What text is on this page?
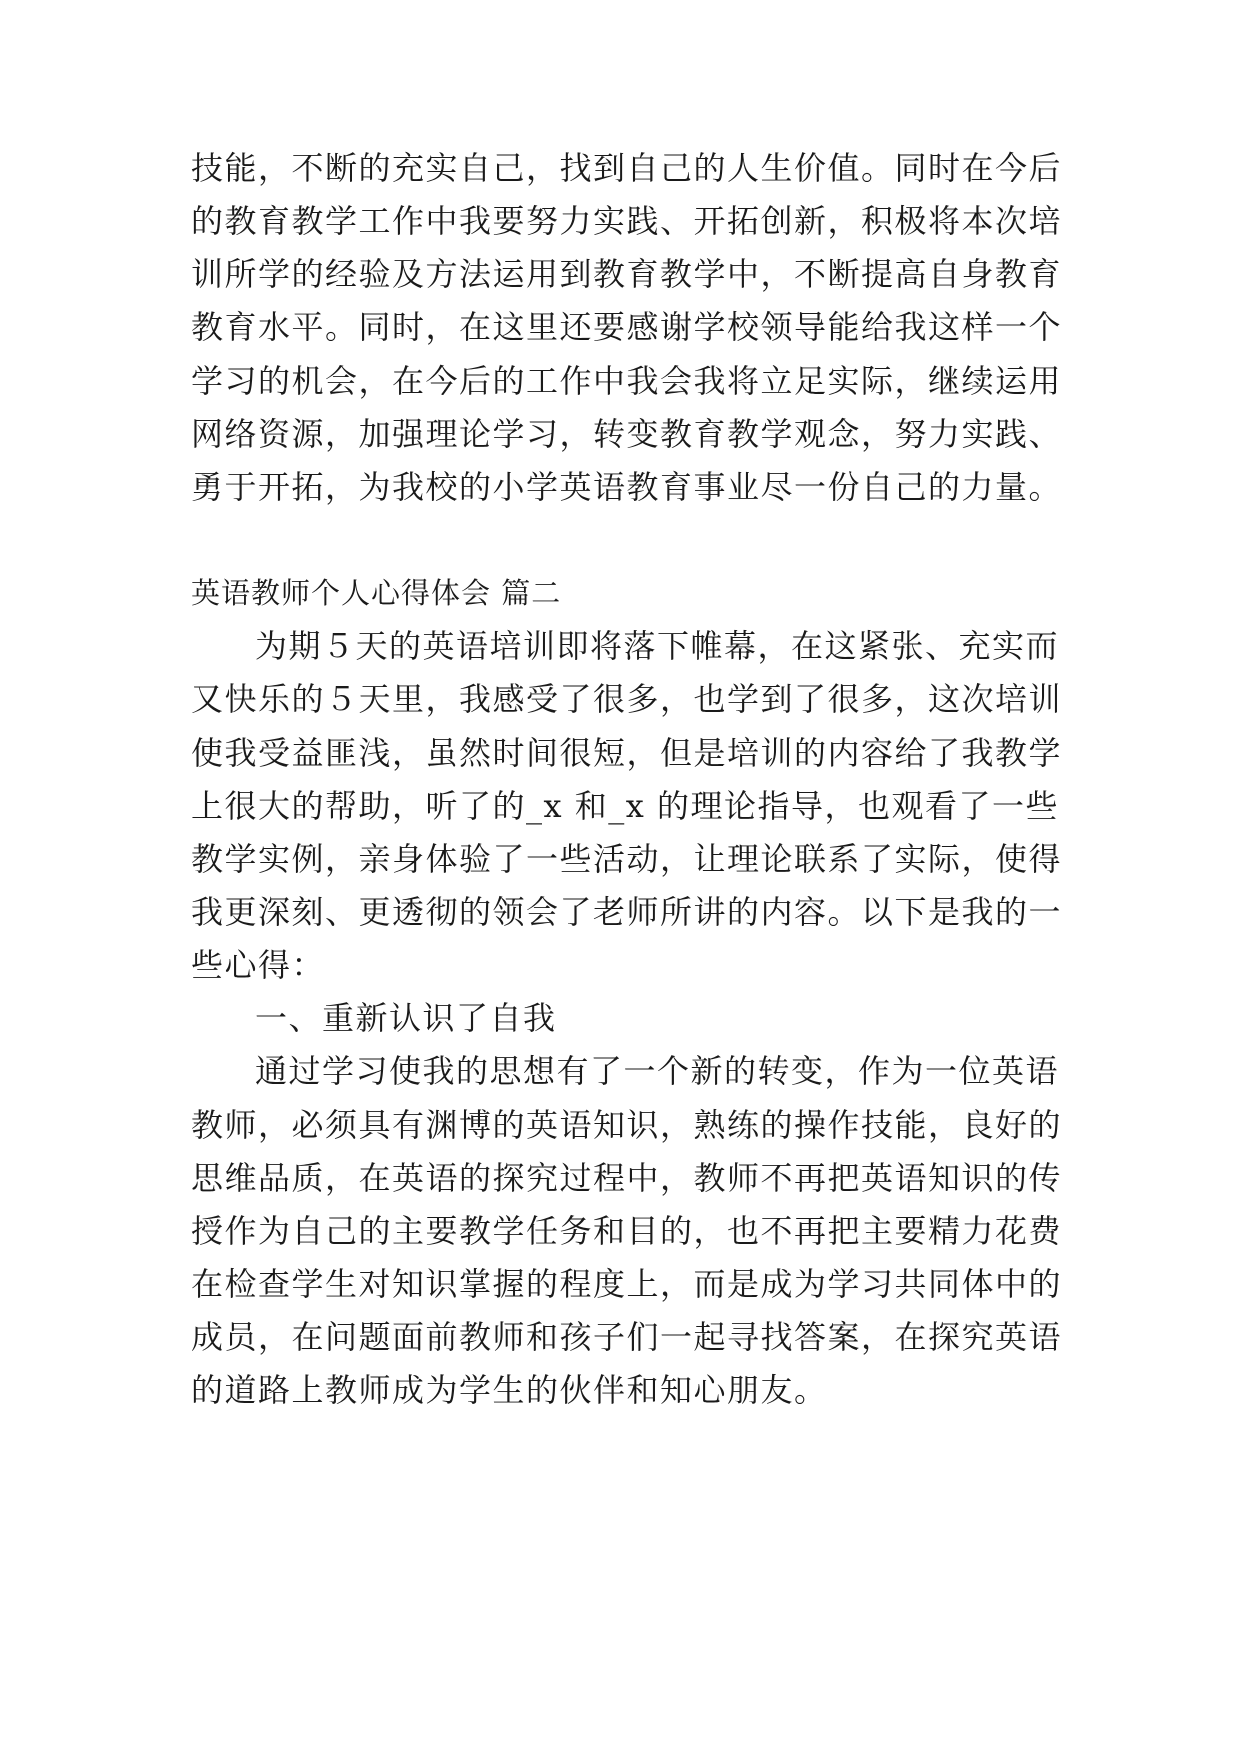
技能，不断的充实自己，找到自己的人生价值。同时在今后
的教育教学工作中我要努力实践、开拓创新，积极将本次培
训所学的经验及方法运用到教育教学中，不断提高自身教育
教育水平。同时，在这里还要感谢学校领导能给我这样一个
学习的机会，在今后的工作中我会我将立足实际，继续运用
网络资源，加强理论学习，转变教育教学观念，努力实践、
勇于开拓，为我校的小学英语教育事业尽一份自己的力量。
英语教师个人心得体会 篇二
为期５天的英语培训即将落下帷幕，在这紧张、充实而
又快乐的５天里，我感受了很多，也学到了很多，这次培训
使我受益匪浅，虽然时间很短，但是培训的内容给了我教学
上很大的帮助，听了的_x 和_x 的理论指导，也观看了一些
教学实例，亲身体验了一些活动，让理论联系了实际，使得
我更深刻、更透彻的领会了老师所讲的内容。以下是我的一
些心得：
一、重新认识了自我
通过学习使我的思想有了一个新的转变，作为一位英语
教师，必须具有渊博的英语知识，熟练的操作技能，良好的
思维品质，在英语的探究过程中，教师不再把英语知识的传
授作为自己的主要教学任务和目的，也不再把主要精力花费
在检查学生对知识掌握的程度上，而是成为学习共同体中的
成员，在问题面前教师和孩子们一起寻找答案，在探究英语
的道路上教师成为学生的伙伴和知心朋友。
